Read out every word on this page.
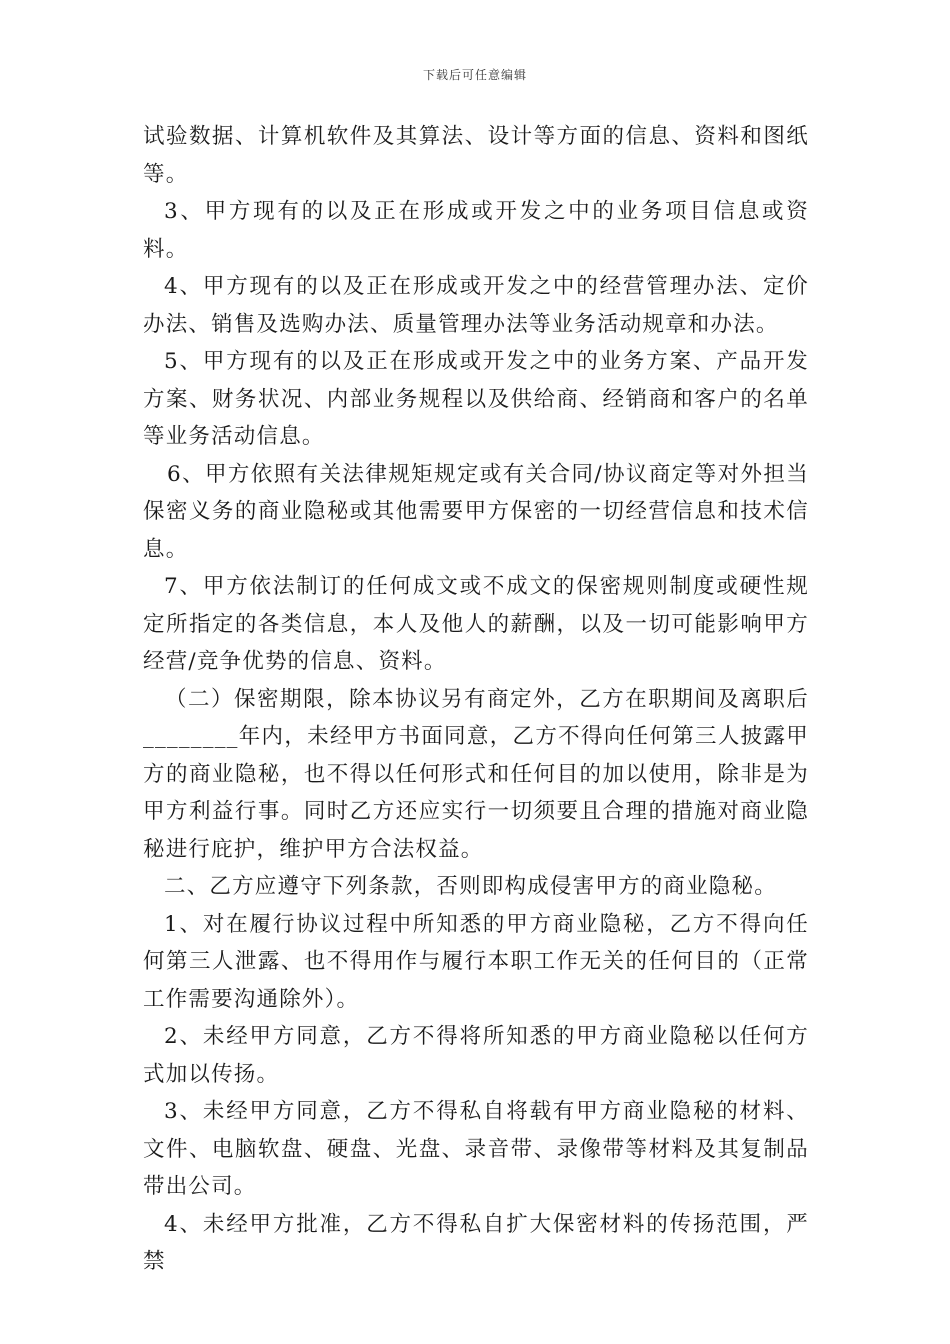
下载后可任意编辑

试验数据、计算机软件及其算法、设计等方面的信息、资料和图纸等。

3、甲方现有的以及正在形成或开发之中的业务项目信息或资料。

4、甲方现有的以及正在形成或开发之中的经营管理办法、定价办法、销售及选购办法、质量管理办法等业务活动规章和办法。

5、甲方现有的以及正在形成或开发之中的业务方案、产品开发方案、财务状况、内部业务规程以及供给商、经销商和客户的名单等业务活动信息。

6、甲方依照有关法律规矩规定或有关合同/协议商定等对外担当保密义务的商业隐秘或其他需要甲方保密的一切经营信息和技术信息。

7、甲方依法制订的任何成文或不成文的保密规则制度或硬性规定所指定的各类信息，本人及他人的薪酬，以及一切可能影响甲方经营/竞争优势的信息、资料。

（二）保密期限，除本协议另有商定外，乙方在职期间及离职后________年内，未经甲方书面同意，乙方不得向任何第三人披露甲方的商业隐秘，也不得以任何形式和任何目的加以使用，除非是为甲方利益行事。同时乙方还应实行一切须要且合理的措施对商业隐秘进行庇护，维护甲方合法权益。

二、乙方应遵守下列条款，否则即构成侵害甲方的商业隐秘。

1、对在履行协议过程中所知悉的甲方商业隐秘，乙方不得向任何第三人泄露、也不得用作与履行本职工作无关的任何目的（正常工作需要沟通除外）。

2、未经甲方同意，乙方不得将所知悉的甲方商业隐秘以任何方式加以传扬。

3、未经甲方同意，乙方不得私自将载有甲方商业隐秘的材料、文件、电脑软盘、硬盘、光盘、录音带、录像带等材料及其复制品带出公司。

4、未经甲方批准，乙方不得私自扩大保密材料的传扬范围，严禁
